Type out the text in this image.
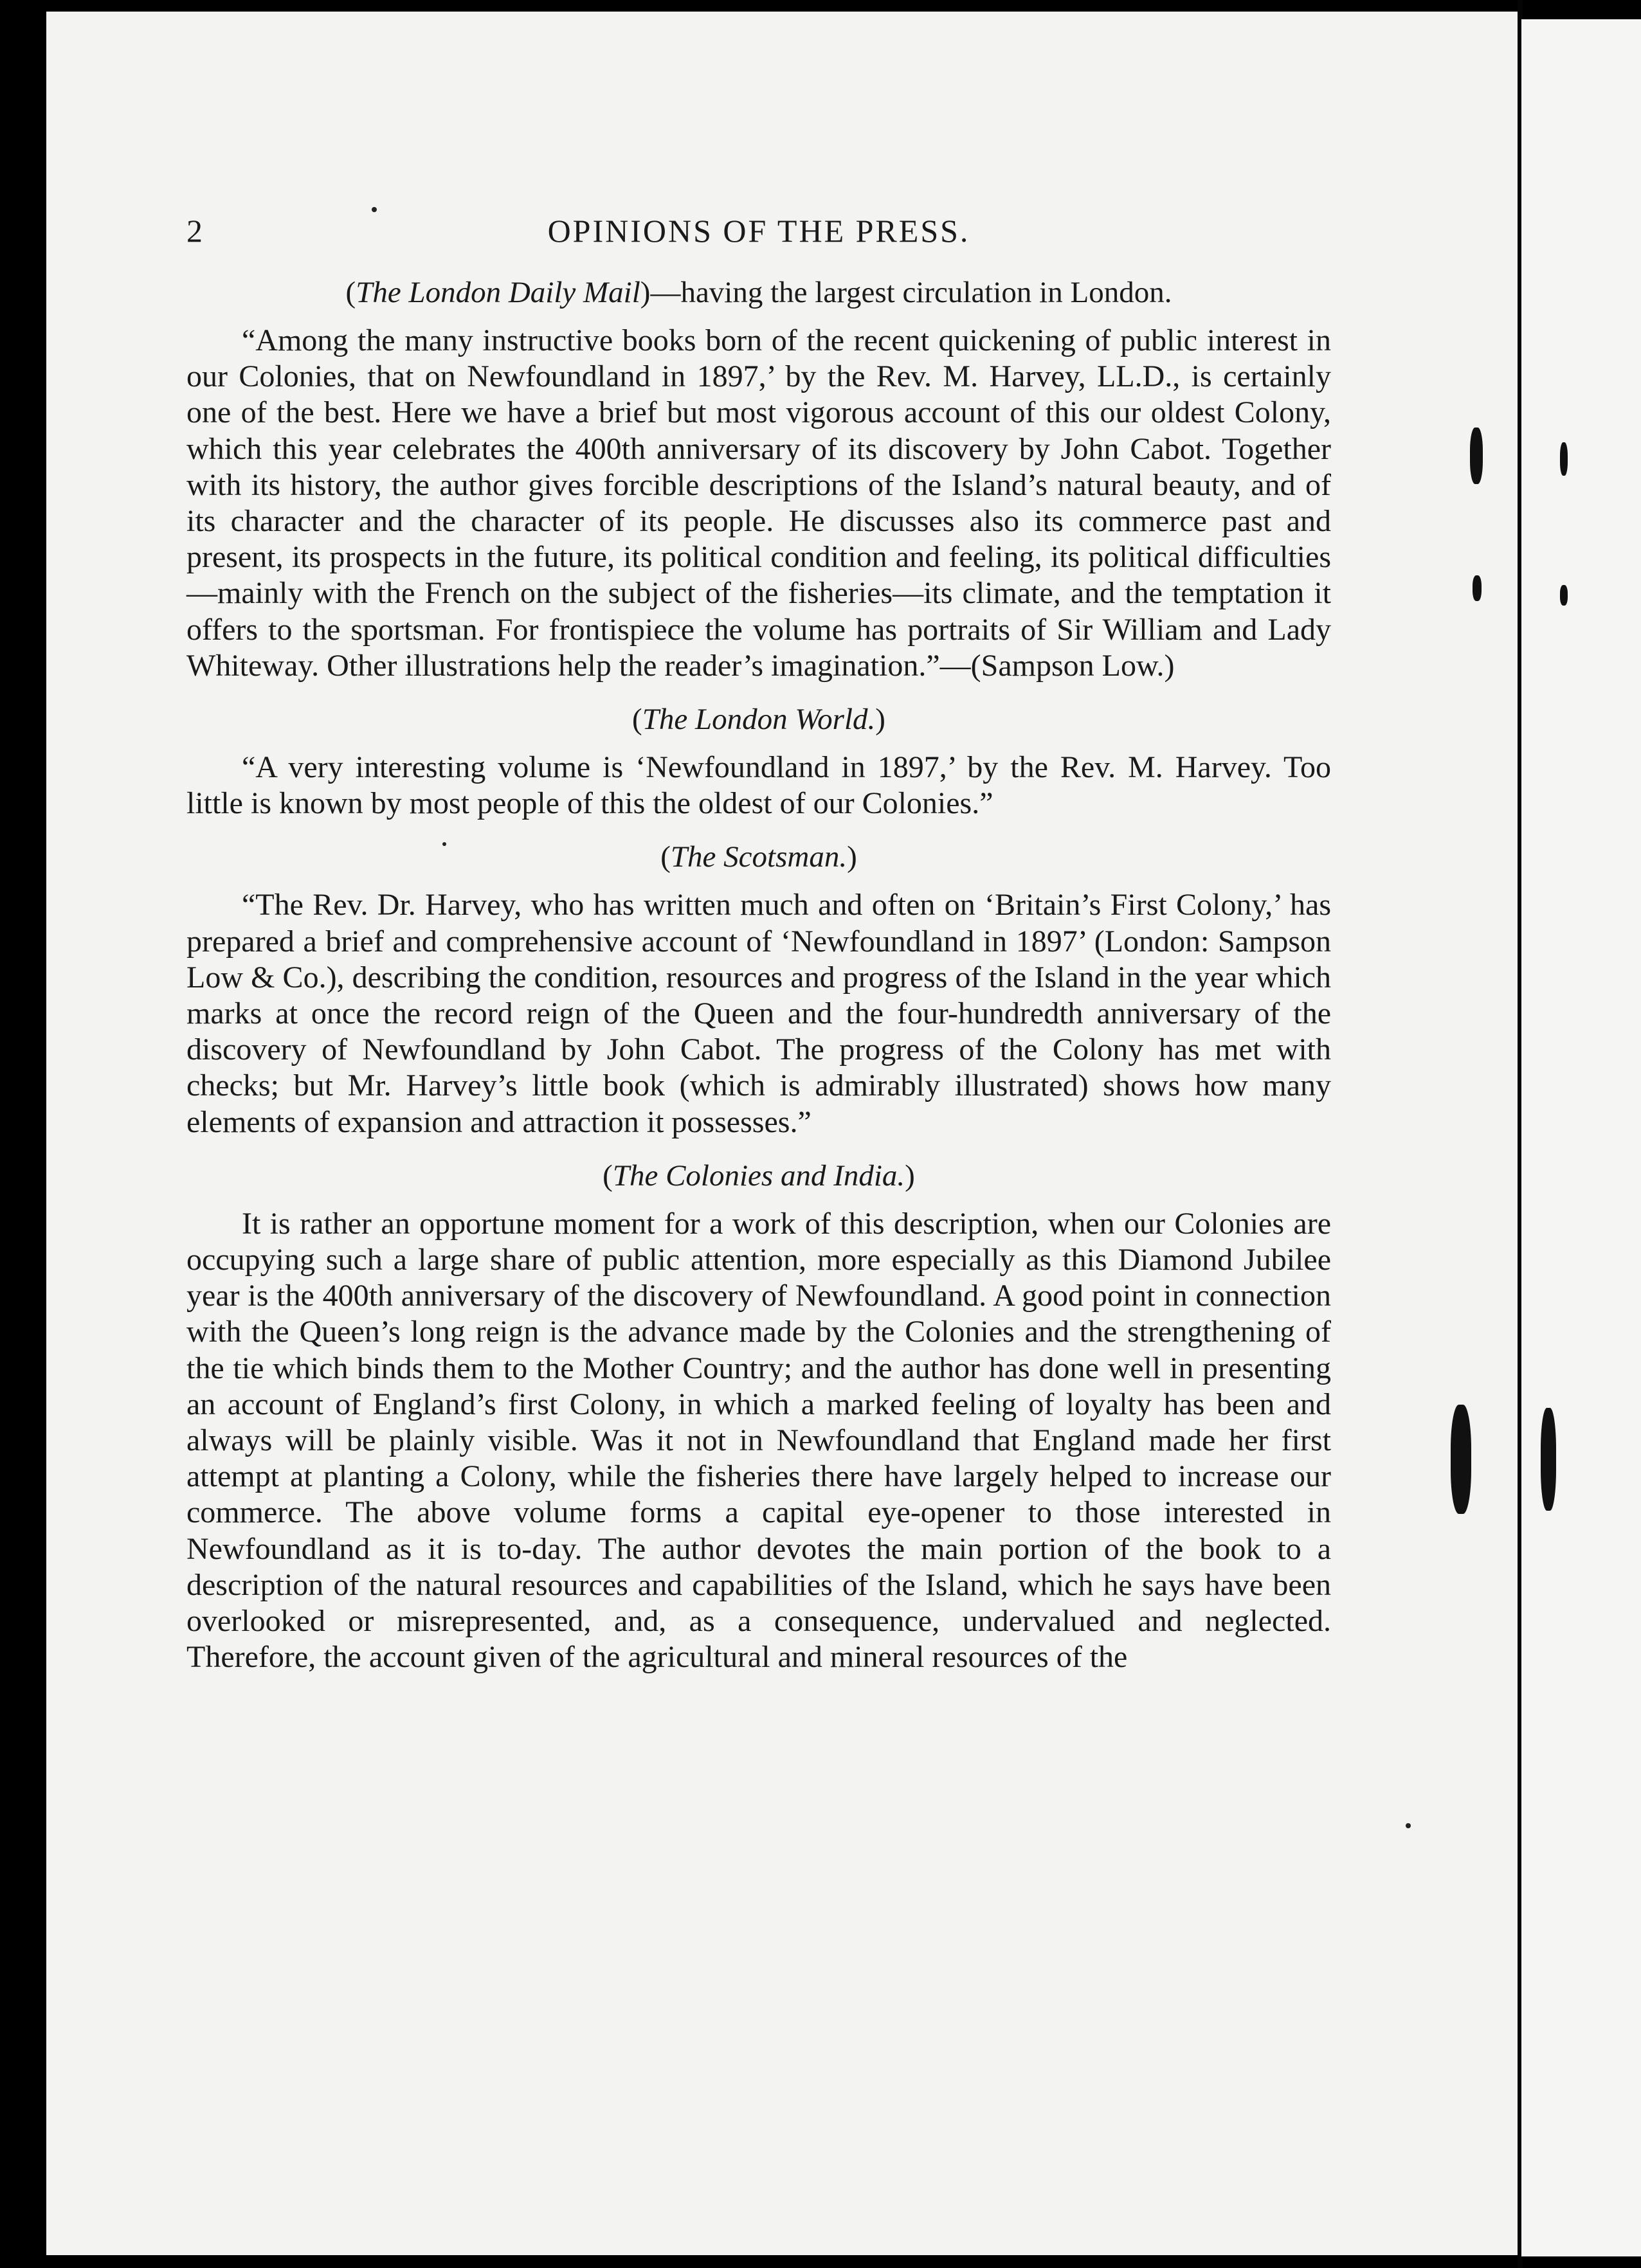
2	OPINIONS OF THE PRESS.

(The London Daily Mail)—having the largest circulation in London.

“Among the many instructive books born of the recent quickening of public interest in our Colonies, that on Newfoundland in 1897,’ by the Rev. M. Harvey, LL.D., is certainly one of the best. Here we have a brief but most vigorous account of this our oldest Colony, which this year celebrates the 400th anniversary of its discovery by John Cabot. Together with its history, the author gives forcible descriptions of the Island’s natural beauty, and of its character and the character of its people. He discusses also its commerce past and present, its prospects in the future, its political condition and feeling, its political difficulties—mainly with the French on the subject of the fisheries—its climate, and the temptation it offers to the sportsman. For frontispiece the volume has portraits of Sir William and Lady Whiteway. Other illustrations help the reader’s imagination.”—(Sampson Low.)

(The London World.)

“A very interesting volume is ‘Newfoundland in 1897,’ by the Rev. M. Harvey. Too little is known by most people of this the oldest of our Colonies.”

(The Scotsman.)

“The Rev. Dr. Harvey, who has written much and often on ‘Britain’s First Colony,’ has prepared a brief and comprehensive account of ‘Newfoundland in 1897’ (London: Sampson Low & Co.), describing the condition, resources and progress of the Island in the year which marks at once the record reign of the Queen and the four-hundredth anniversary of the discovery of Newfoundland by John Cabot. The progress of the Colony has met with checks; but Mr. Harvey’s little book (which is admirably illustrated) shows how many elements of expansion and attraction it possesses.”

(The Colonies and India.)

It is rather an opportune moment for a work of this description, when our Colonies are occupying such a large share of public attention, more especially as this Diamond Jubilee year is the 400th anniversary of the discovery of Newfoundland. A good point in connection with the Queen’s long reign is the advance made by the Colonies and the strengthening of the tie which binds them to the Mother Country; and the author has done well in presenting an account of England’s first Colony, in which a marked feeling of loyalty has been and always will be plainly visible. Was it not in Newfoundland that England made her first attempt at planting a Colony, while the fisheries there have largely helped to increase our commerce. The above volume forms a capital eye-opener to those interested in Newfoundland as it is to-day. The author devotes the main portion of the book to a description of the natural resources and capabilities of the Island, which he says have been overlooked or misrepresented, and, as a consequence, undervalued and neglected. Therefore, the account given of the agricultural and mineral resources of the
